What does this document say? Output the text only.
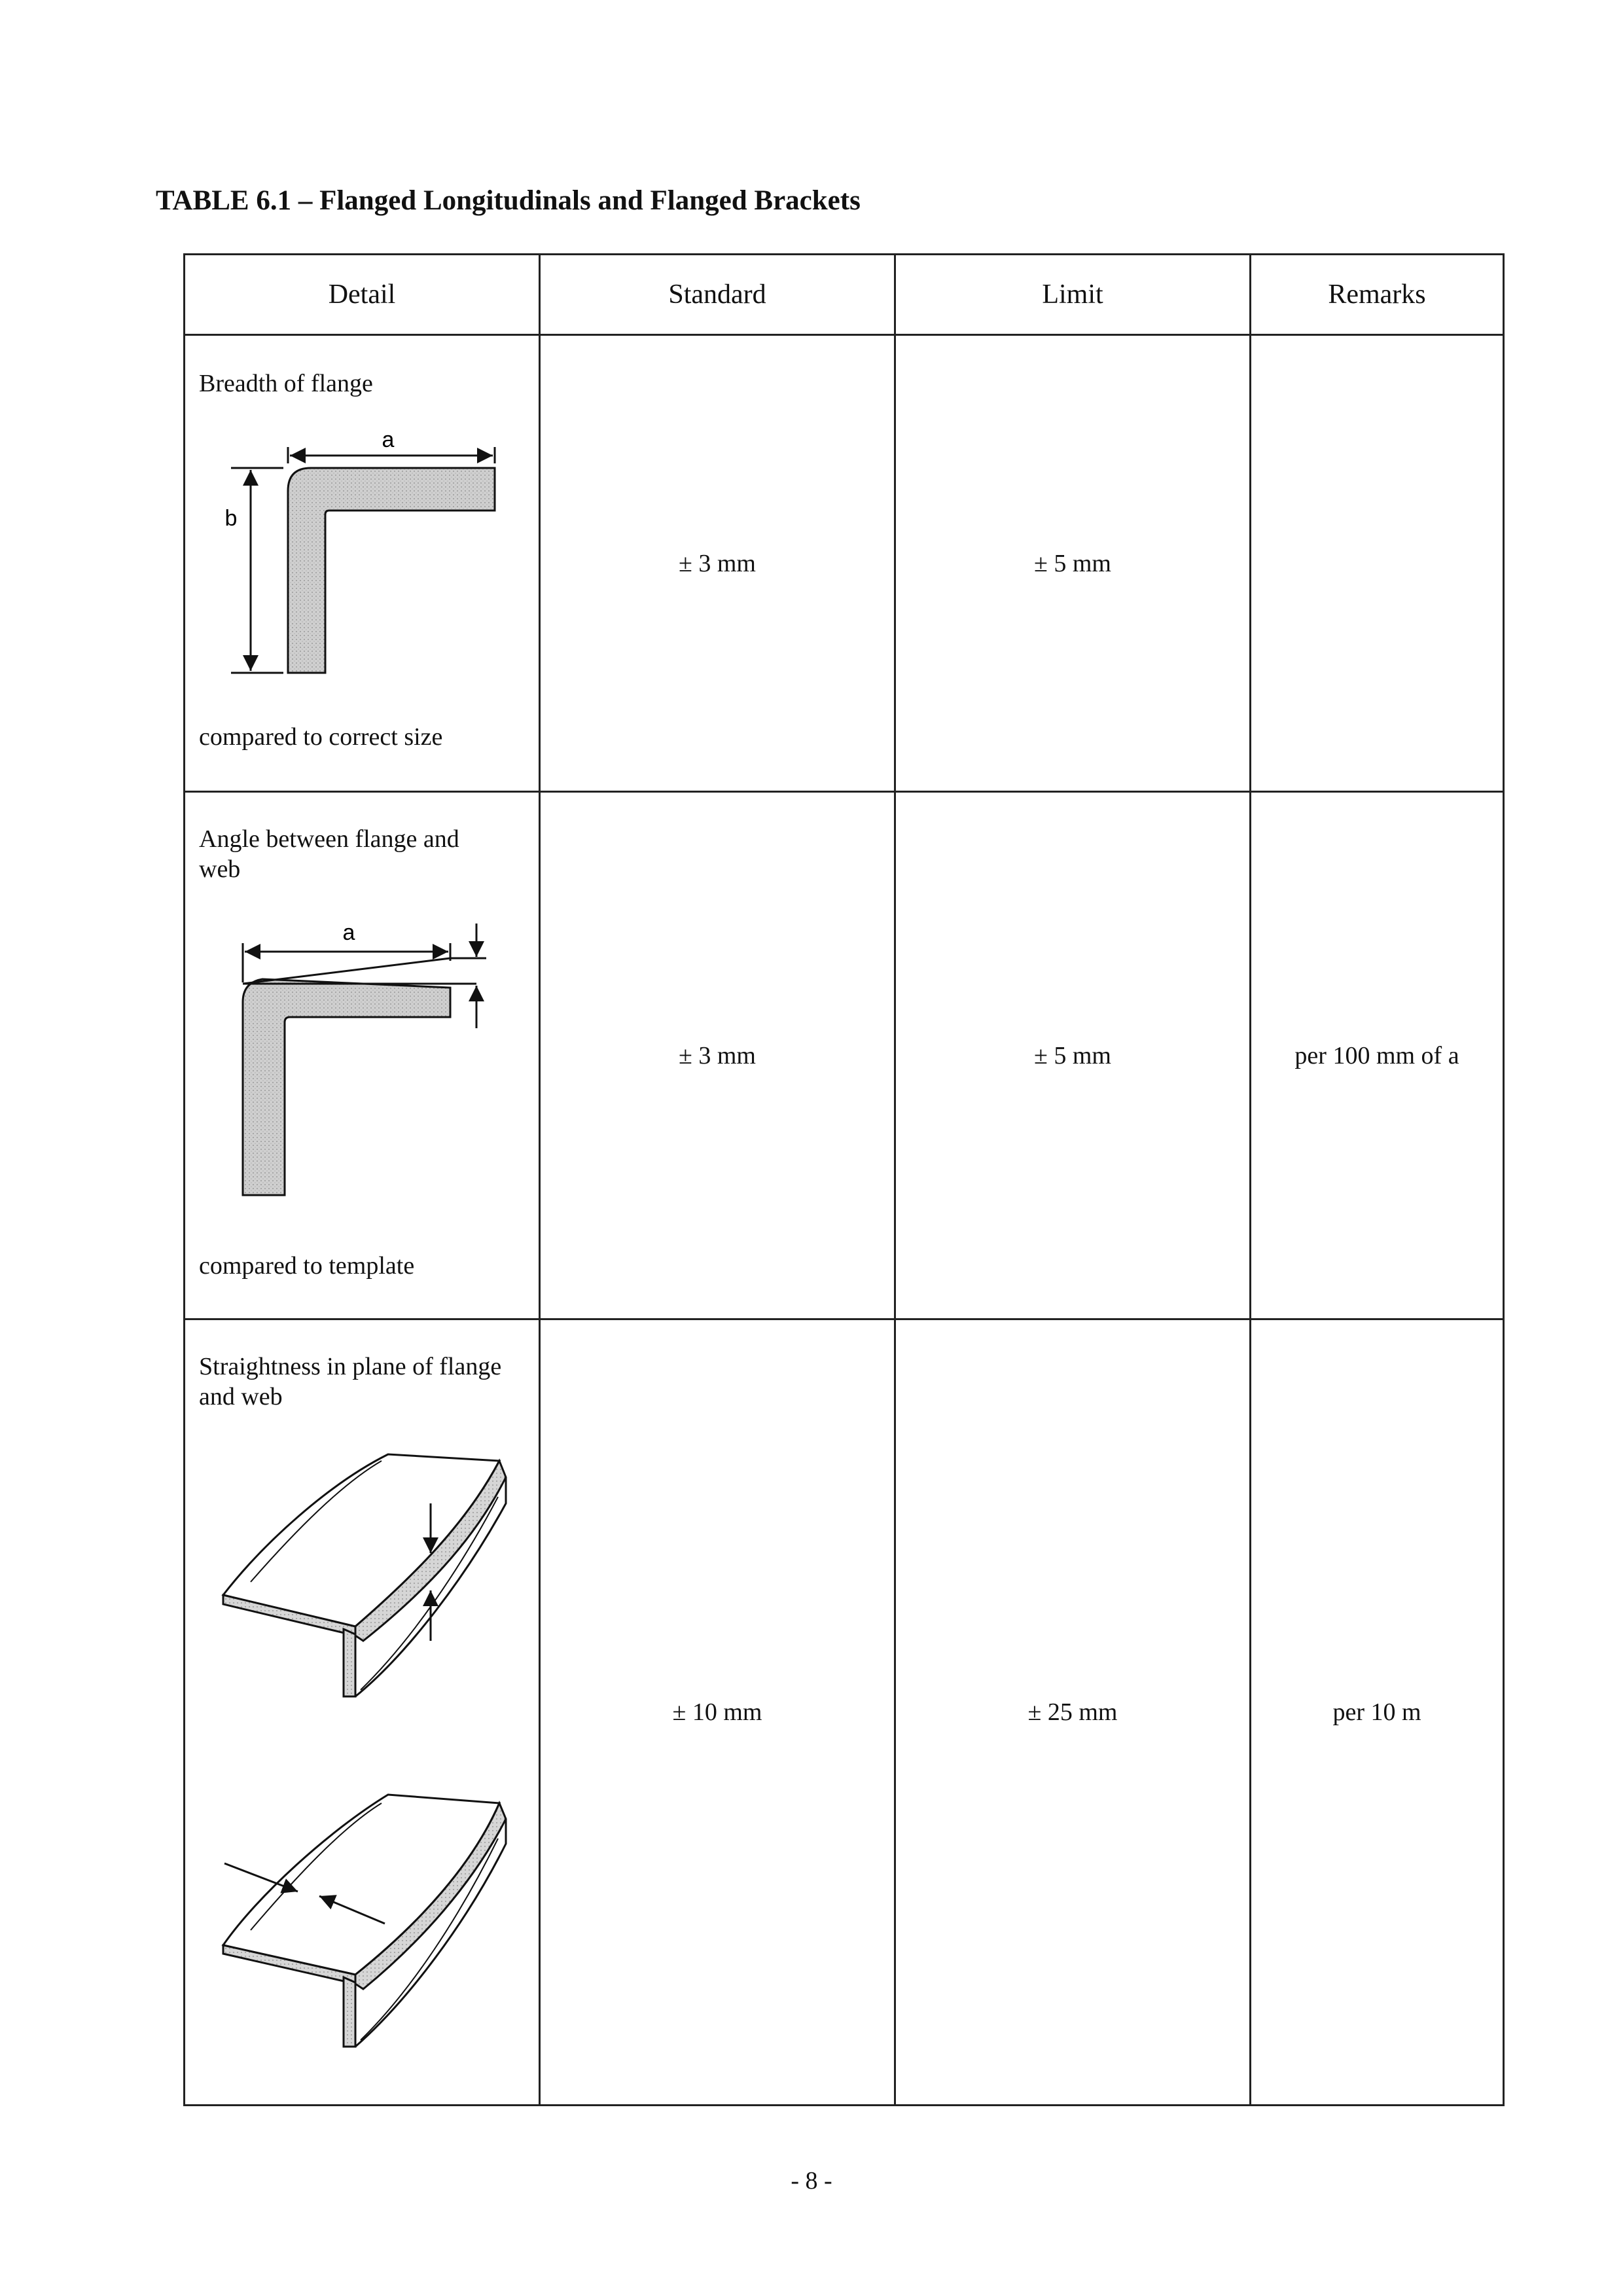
TABLE 6.1 – Flanged Longitudinals and Flanged Brackets
Detail	Standard	Limit	Remarks

Breadth of flange
a
b
compared to correct size	± 3 mm	± 5 mm	

Angle between flange and web
a
compared to template	± 3 mm	± 5 mm	per 100 mm of a

Straightness in plane of flange and web	± 10 mm	± 25 mm	per 10 m
- 8 -
